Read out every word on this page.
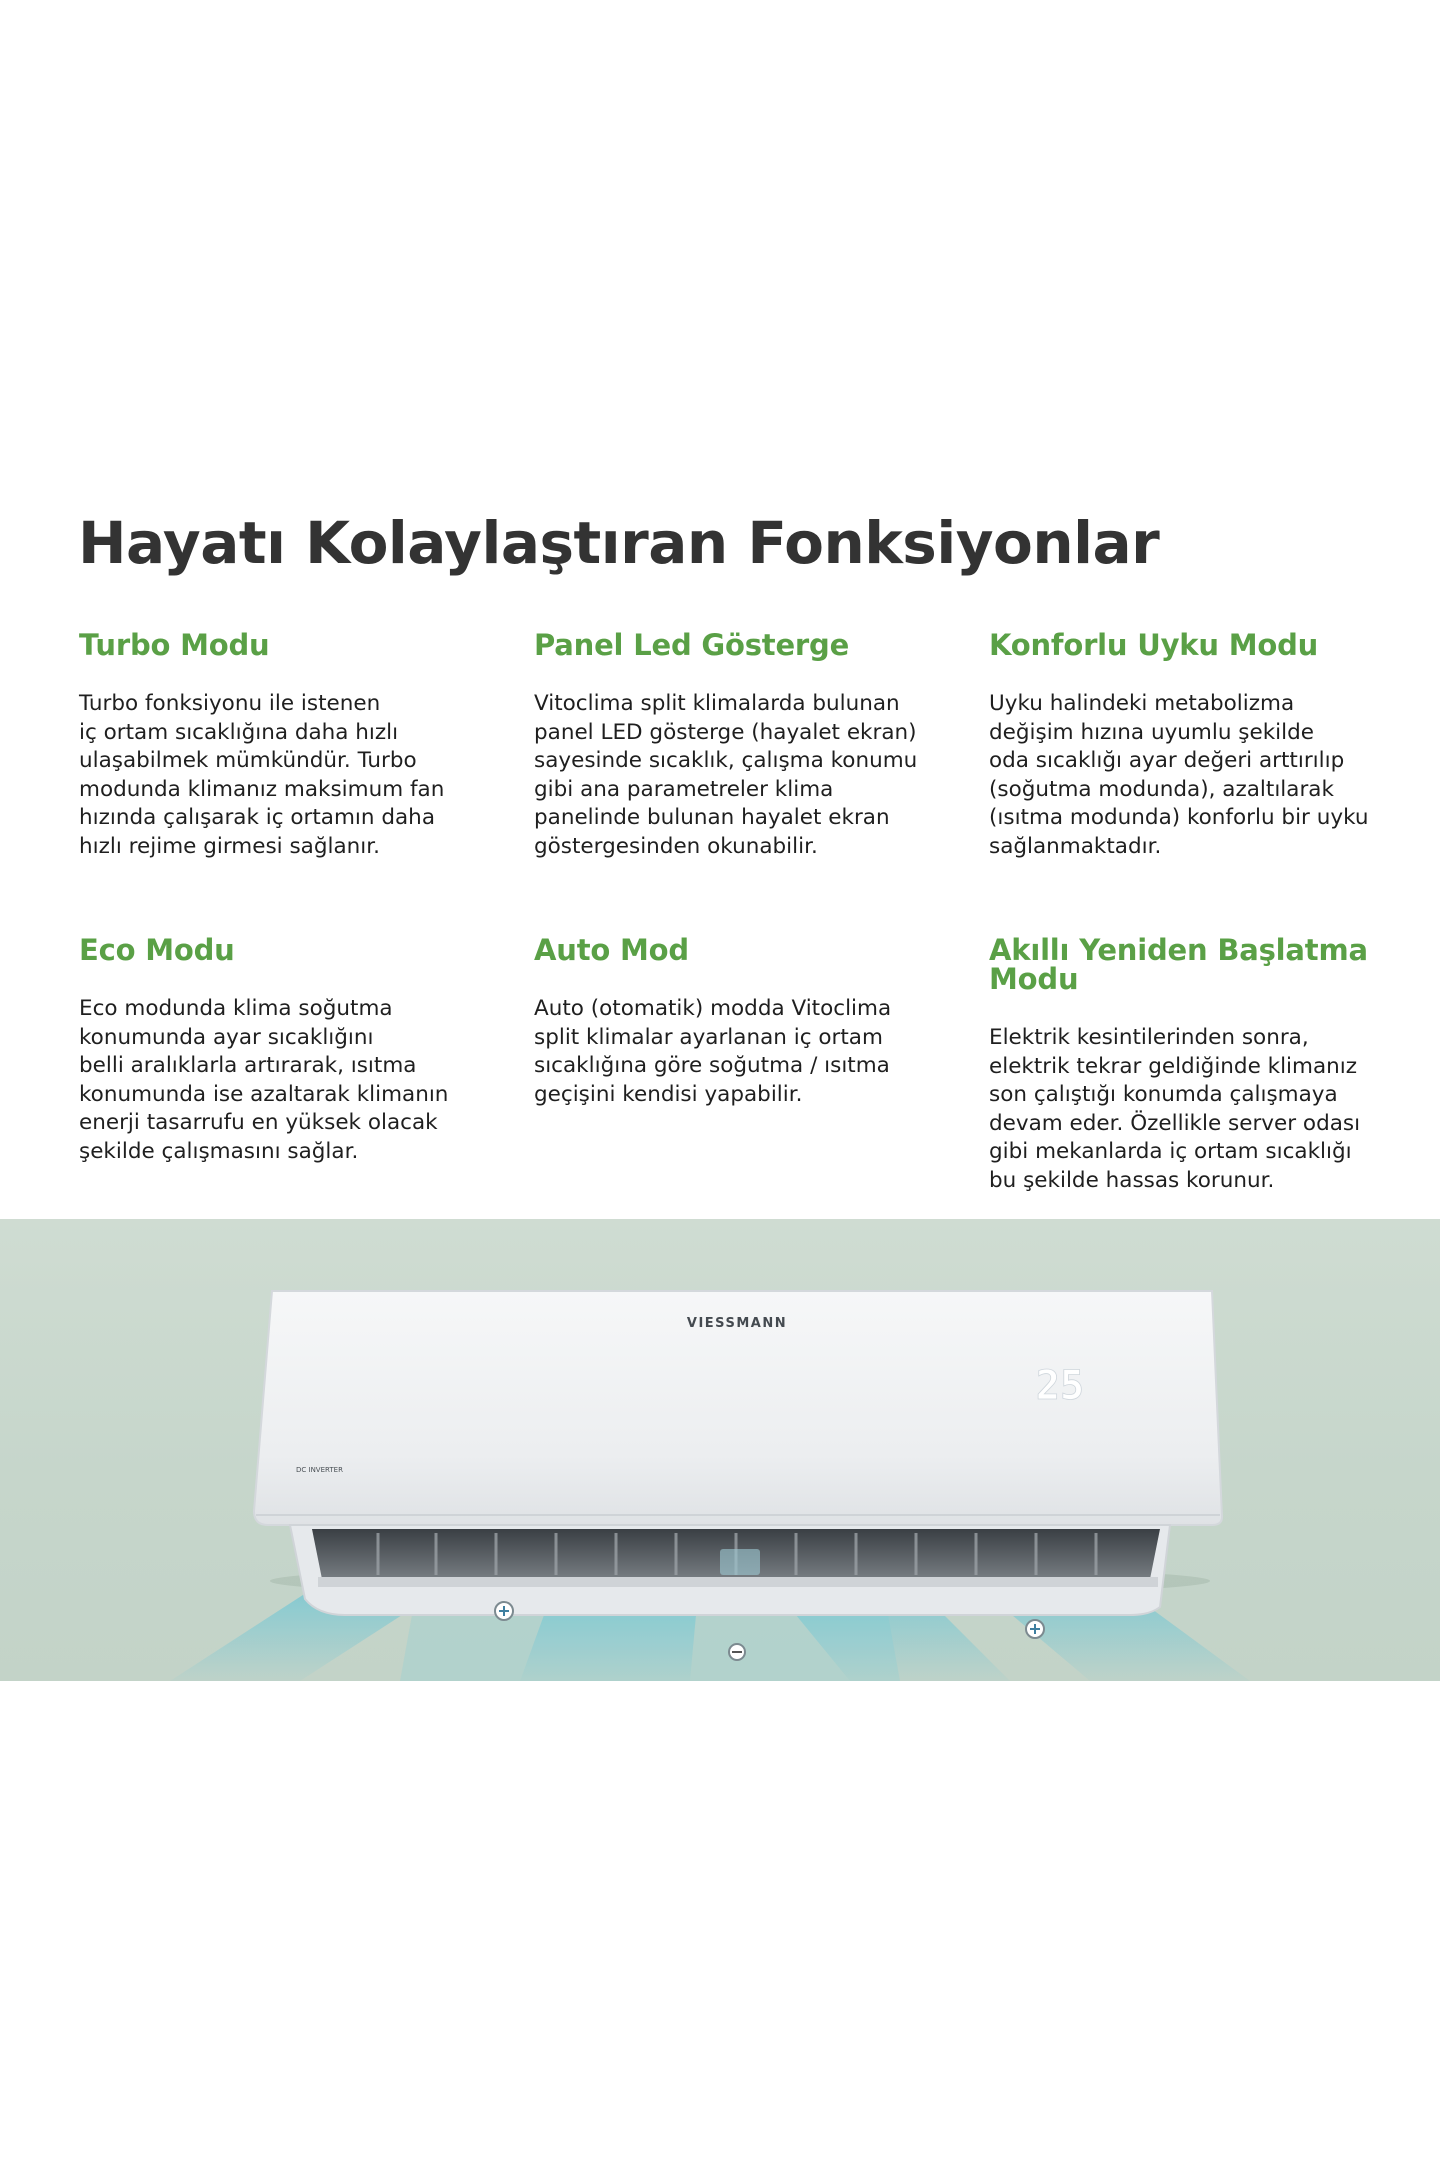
Hayatı Kolaylaştıran Fonksiyonlar
Turbo Modu

Turbo fonksiyonu ile istenen
iç ortam sıcaklığına daha hızlı
ulaşabilmek mümkündür. Turbo
modunda klimanız maksimum fan
hızında çalışarak iç ortamın daha
hızlı rejime girmesi sağlanır.

Panel Led Gösterge

Vitoclima split klimalarda bulunan
panel LED gösterge (hayalet ekran)
sayesinde sıcaklık, çalışma konumu
gibi ana parametreler klima
panelinde bulunan hayalet ekran
göstergesinden okunabilir.

Konforlu Uyku Modu

Uyku halindeki metabolizma
değişim hızına uyumlu şekilde
oda sıcaklığı ayar değeri arttırılıp
(soğutma modunda), azaltılarak
(ısıtma modunda) konforlu bir uyku
sağlanmaktadır.

Eco Modu

Eco modunda klima soğutma
konumunda ayar sıcaklığını
belli aralıklarla artırarak, ısıtma
konumunda ise azaltarak klimanın
enerji tasarrufu en yüksek olacak
şekilde çalışmasını sağlar.

Auto Mod

Auto (otomatik) modda Vitoclima
split klimalar ayarlanan iç ortam
sıcaklığına göre soğutma / ısıtma
geçişini kendisi yapabilir.

Akıllı Yeniden Başlatma
Modu

Elektrik kesintilerinden sonra,
elektrik tekrar geldiğinde klimanız
son çalıştığı konumda çalışmaya
devam eder. Özellikle server odası
gibi mekanlarda iç ortam sıcaklığı
bu şekilde hassas korunur.

VIESSMANN
25
DC INVERTER
